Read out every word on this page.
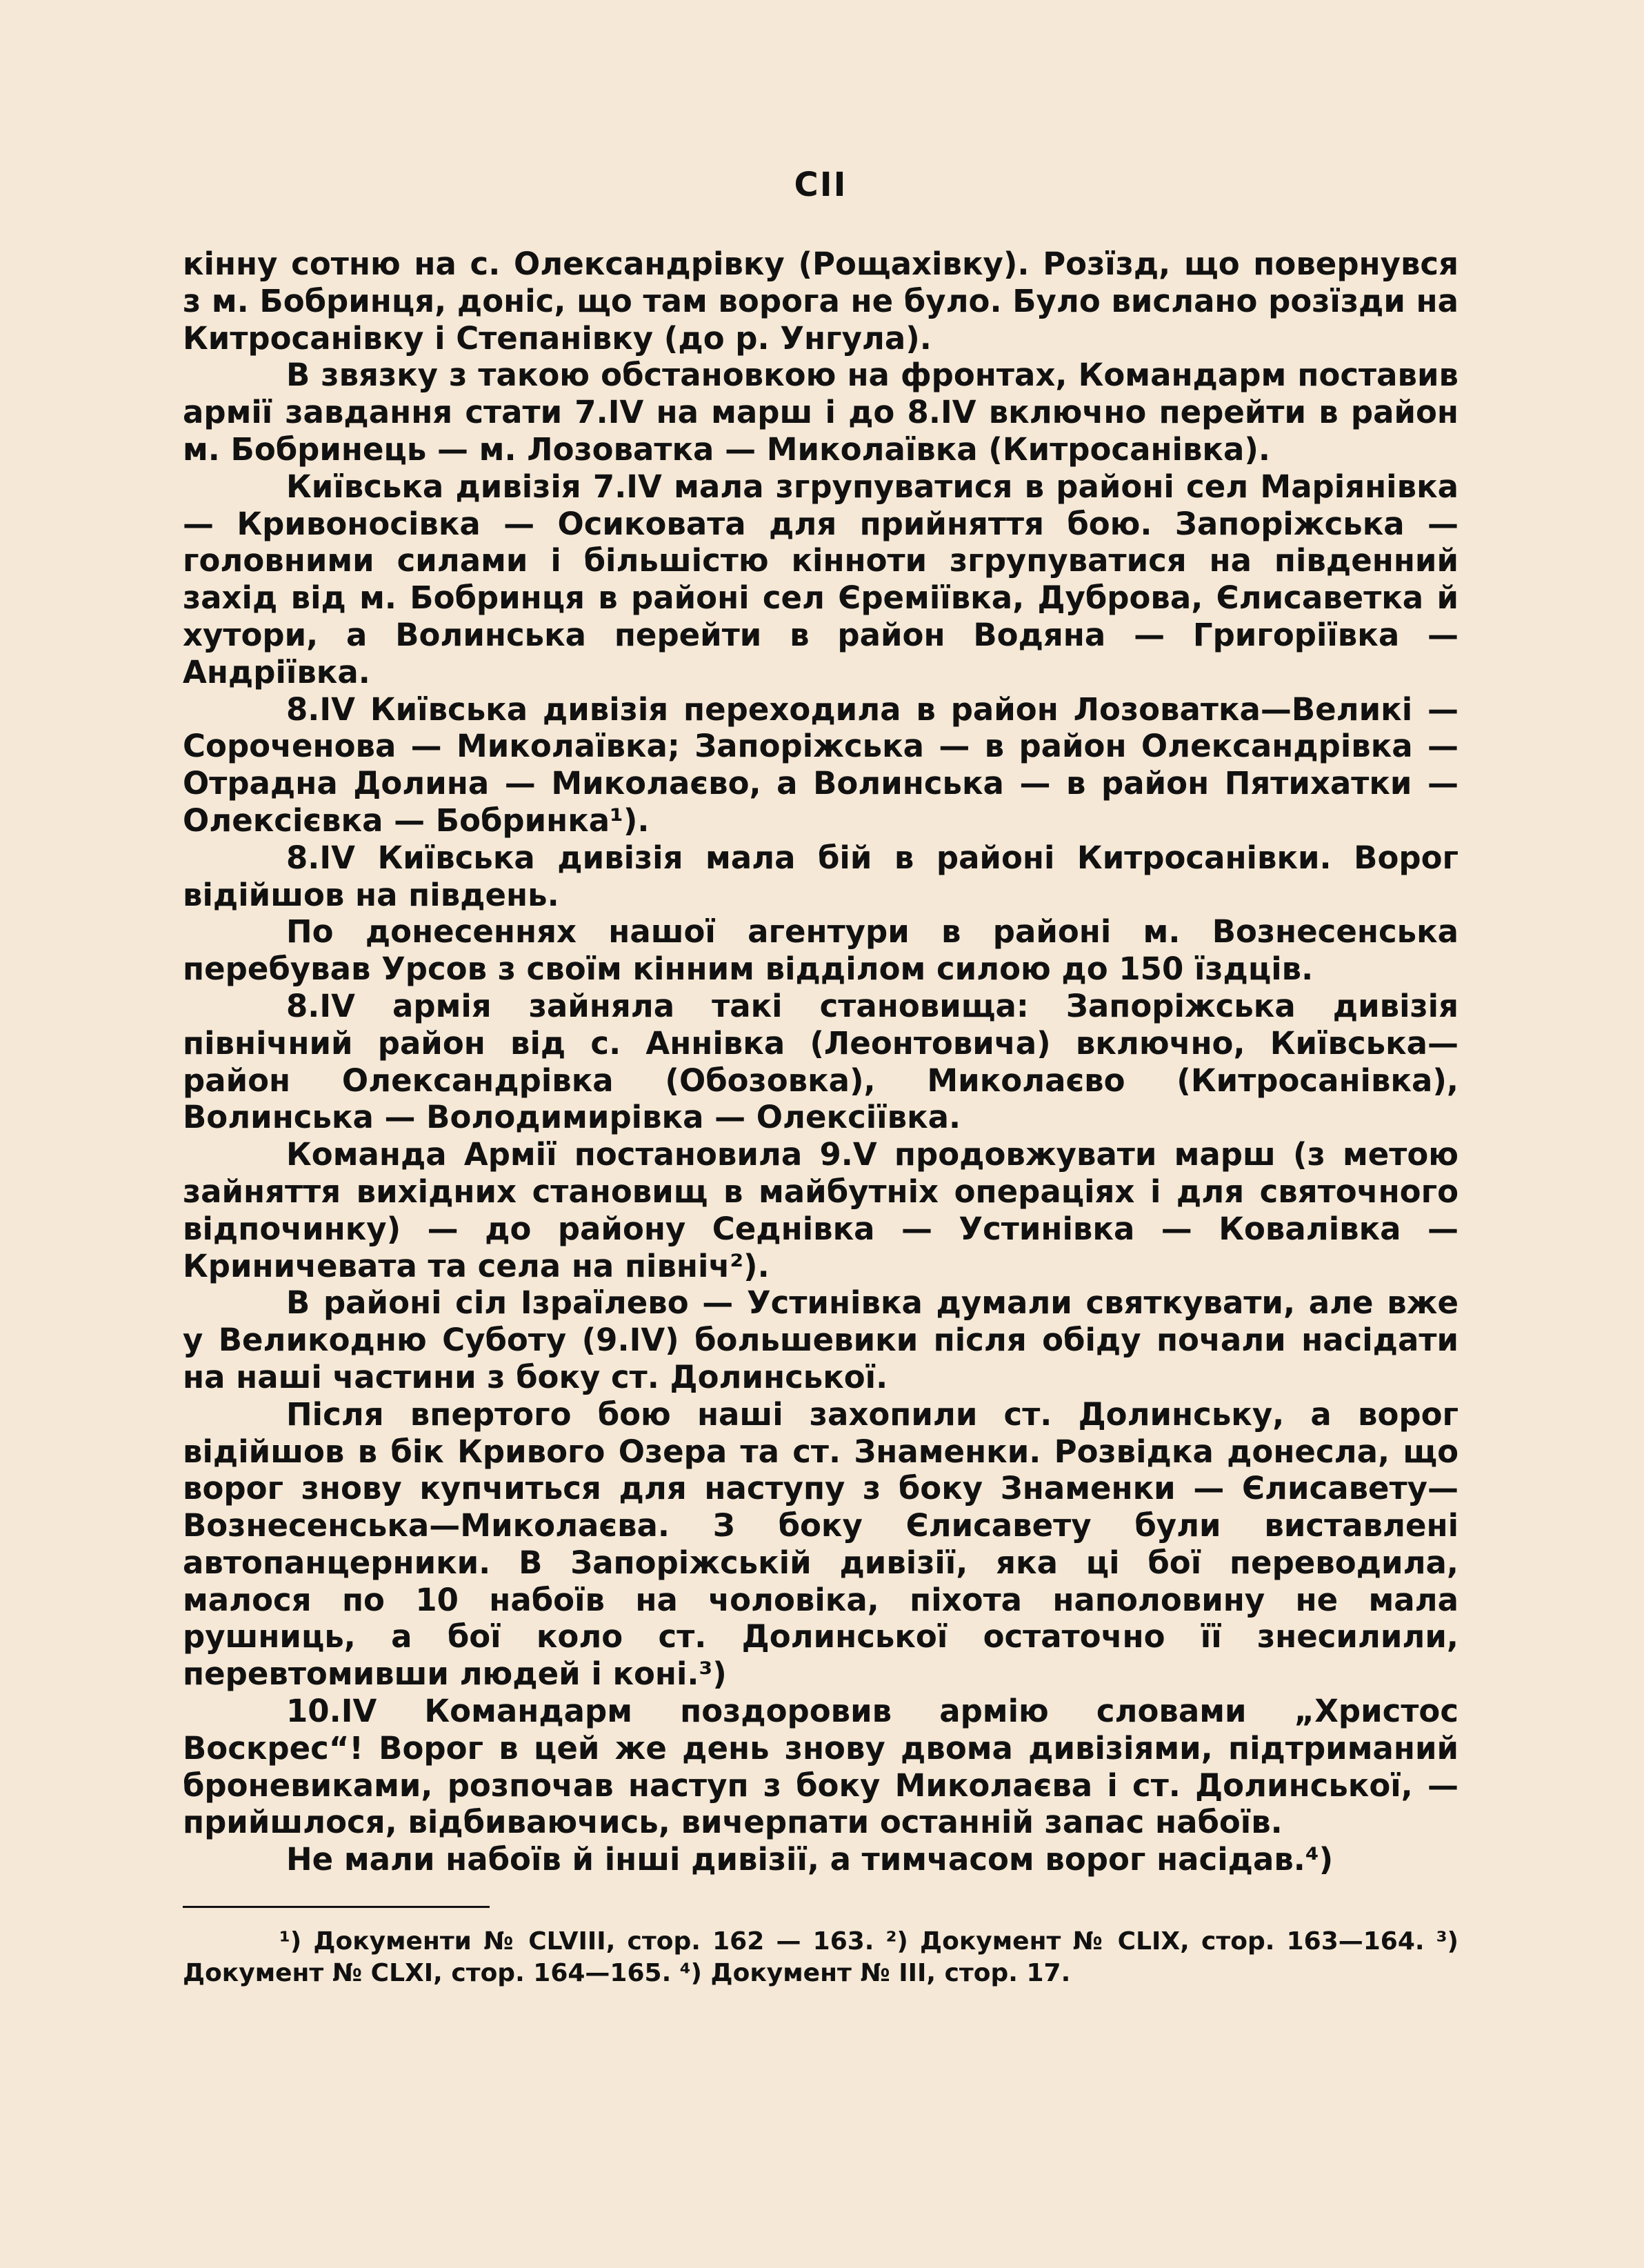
CII

кінну сотню на с. Олександрівку (Рощахівку). Розїзд, що повернувся з м. Бобринця, доніс, що там ворога не було. Було вислано розїзди на Китросанівку і Степанівку (до р. Унгула).

В звязку з такою обстановкою на фронтах, Командарм поставив армії завдання стати 7.IV на марш і до 8.IV включно перейти в район м. Бобринець — м. Лозоватка — Миколаївка (Китросанівка).

Київська дивізія 7.IV мала згрупуватися в районі сел Маріянівка — Кривоносівка — Осиковата для прийняття бою. Запоріжська — головними силами і більшістю кінноти згрупуватися на південний захід від м. Бобринця в районі сел Єреміївка, Дуброва, Єлисаветка й хутори, а Волинська перейти в район Водяна — Григоріївка — Андріївка.

8.IV Київська дивізія переходила в район Лозоватка—Великі — Сороченова — Миколаївка; Запоріжська — в район Олександрівка — Отрадна Долина — Миколаєво, а Волинська — в район Пятихатки — Олексієвка — Бобринка¹).

8.IV Київська дивізія мала бій в районі Китросанівки. Ворог відійшов на південь.

По донесеннях нашої агентури в районі м. Вознесенська перебував Урсов з своїм кінним відділом силою до 150 їздців.

8.IV армія зайняла такі становища: Запоріжська дивізія північний район від с. Аннівка (Леонтовича) включно, Київська—район Олександрівка (Обозовка), Миколаєво (Китросанівка), Волинська — Володимирівка — Олексіївка.

Команда Армії постановила 9.V продовжувати марш (з метою зайняття вихідних становищ в майбутніх операціях і для святочного відпочинку) — до району Седнівка — Устинівка — Ковалівка — Криничевата та села на північ²).

В районі сіл Ізраїлево — Устинівка думали святкувати, але вже у Великодню Суботу (9.IV) большевики після обіду почали насідати на наші частини з боку ст. Долинської.

Після впертого бою наші захопили ст. Долинську, а ворог відійшов в бік Кривого Озера та ст. Знаменки. Розвідка донесла, що ворог знову купчиться для наступу з боку Знаменки — Єлисавету—Вознесенська—Миколаєва. З боку Єлисавету були виставлені автопанцерники. В Запоріжській дивізії, яка ці бої переводила, малося по 10 набоїв на чоловіка, піхота наполовину не мала рушниць, а бої коло ст. Долинської остаточно її знесилили, перевтомивши людей і коні.³)

10.IV Командарм поздоровив армію словами „Христос Воскрес“! Ворог в цей же день знову двома дивізіями, підтриманий броневиками, розпочав наступ з боку Миколаєва і ст. Долинської, — прийшлося, відбиваючись, вичерпати останній запас набоїв.

Не мали набоїв й інші дивізії, а тимчасом ворог насідав.⁴)

¹) Документи № CLVIII, стор. 162 — 163. ²) Документ № CLIX, стор. 163—164. ³) Документ № CLXI, стор. 164—165. ⁴) Документ № III, стор. 17.
